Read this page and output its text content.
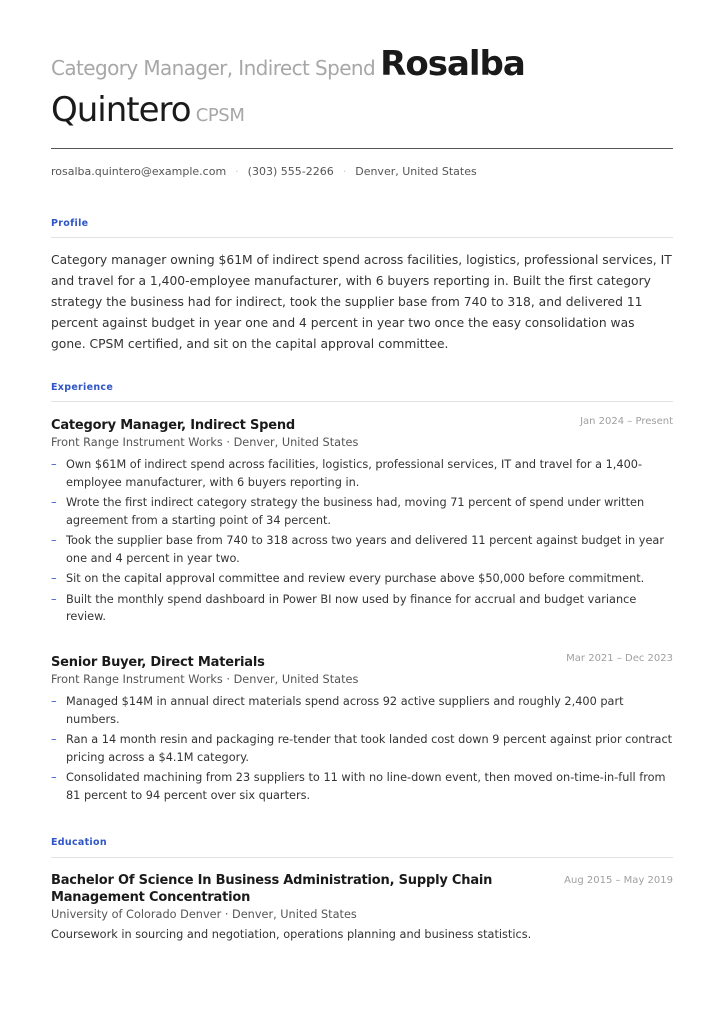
Category Manager, Indirect Spend Rosalba
Quintero CPSM
rosalba.quintero@example.com · (303) 555-2266 · Denver, United States
Profile
Category manager owning $61M of indirect spend across facilities, logistics, professional services, IT and travel for a 1,400-employee manufacturer, with 6 buyers reporting in. Built the first category strategy the business had for indirect, took the supplier base from 740 to 318, and delivered 11 percent against budget in year one and 4 percent in year two once the easy consolidation was gone. CPSM certified, and sit on the capital approval committee.
Experience
Category Manager, Indirect Spend	Jan 2024 – Present
Front Range Instrument Works · Denver, United States
– Own $61M of indirect spend across facilities, logistics, professional services, IT and travel for a 1,400-employee manufacturer, with 6 buyers reporting in.
– Wrote the first indirect category strategy the business had, moving 71 percent of spend under written agreement from a starting point of 34 percent.
– Took the supplier base from 740 to 318 across two years and delivered 11 percent against budget in year one and 4 percent in year two.
– Sit on the capital approval committee and review every purchase above $50,000 before commitment.
– Built the monthly spend dashboard in Power BI now used by finance for accrual and budget variance review.
Senior Buyer, Direct Materials	Mar 2021 – Dec 2023
Front Range Instrument Works · Denver, United States
– Managed $14M in annual direct materials spend across 92 active suppliers and roughly 2,400 part numbers.
– Ran a 14 month resin and packaging re-tender that took landed cost down 9 percent against prior contract pricing across a $4.1M category.
– Consolidated machining from 23 suppliers to 11 with no line-down event, then moved on-time-in-full from 81 percent to 94 percent over six quarters.
Education
Bachelor Of Science In Business Administration, Supply Chain Management Concentration
Aug 2015 – May 2019
University of Colorado Denver · Denver, United States
Coursework in sourcing and negotiation, operations planning and business statistics.
